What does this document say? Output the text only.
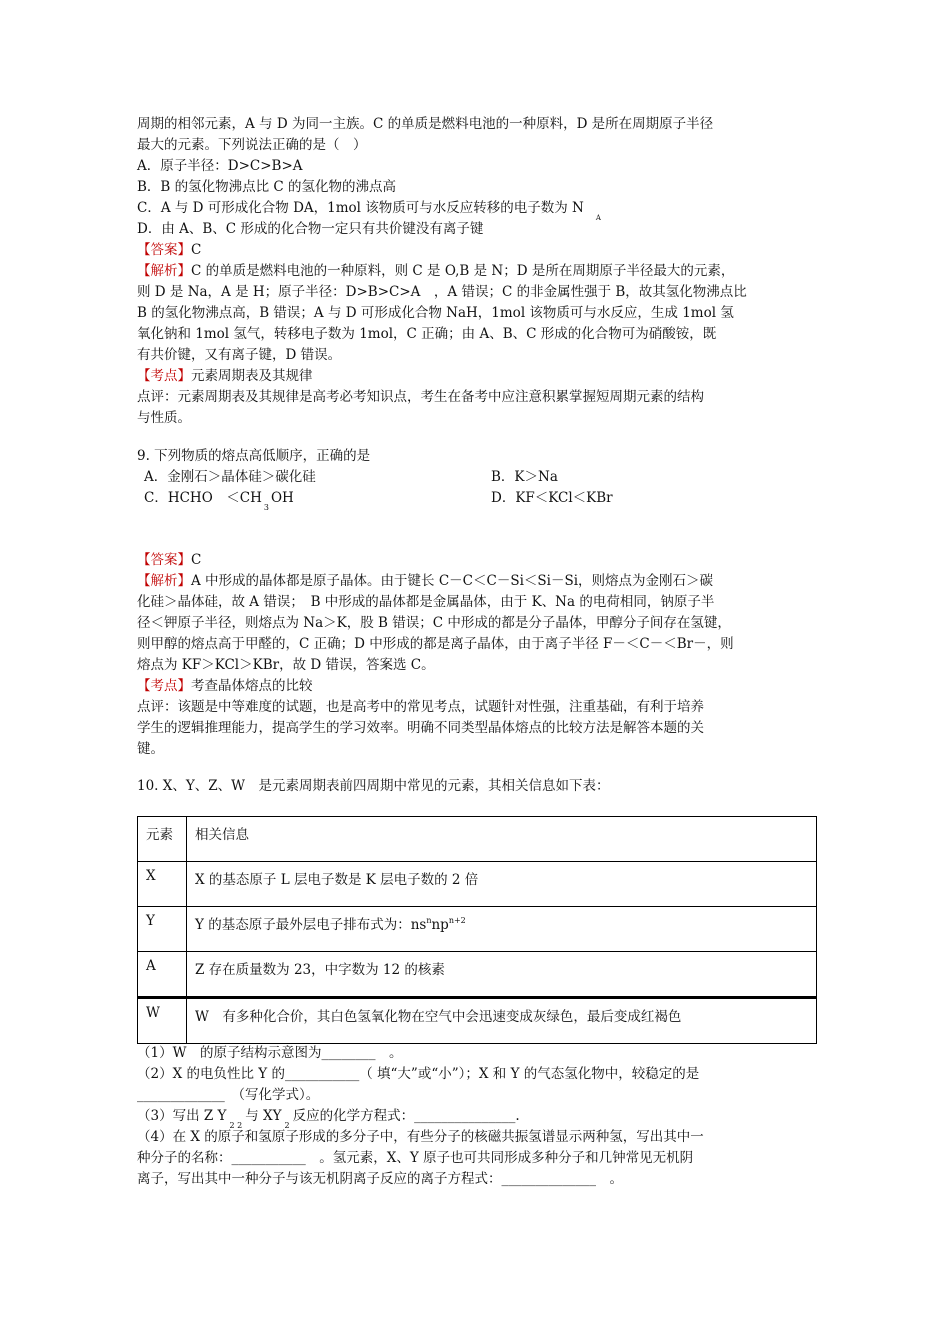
周期的相邻元素，A 与 D 为同一主族。C 的单质是燃料电池的一种原料，D 是所在周期原子半径
最大的元素。下列说法正确的是（　）
A．原子半径：D>C>B>A
B．B 的氢化物沸点比 C 的氢化物的沸点高
C．A 与 D 可形成化合物 DA，1mol 该物质可与水反应转移的电子数为 $N_A$
D．由 A、B、C 形成的化合物一定只有共价键没有离子键
【答案】C
【解析】C 的单质是燃料电池的一种原料，则 C 是 O,B 是 N；D 是所在周期原子半径最大的元素，
则 D 是 Na，A 是 H；原子半径：D>B>C>A　，A 错误；C 的非金属性强于 B，故其氢化物沸点比
B 的氢化物沸点高，B 错误；A 与 D 可形成化合物 NaH，1mol 该物质可与水反应，生成 1mol 氢
氧化钠和 1mol 氢气，转移电子数为 1mol，C 正确；由 A、B、C 形成的化合物可为硝酸铵，既
有共价键，又有离子键，D 错误。
【考点】元素周期表及其规律
点评：元素周期表及其规律是高考必考知识点，考生在备考中应注意积累掌握短周期元素的结构
与性质。
9. 下列物质的熔点高低顺序，正确的是
A．金刚石＞晶体硅＞碳化硅	B．K＞Na
C．HCHO　$<CH_3OH$	D．KF＜KCl＜KBr
【答案】C
【解析】A 中形成的晶体都是原子晶体。由于键长 C－C＜C－Si＜Si－Si，则熔点为金刚石＞碳
化硅＞晶体硅，故 A 错误；　B 中形成的晶体都是金属晶体，由于 K、Na 的电荷相同，钠原子半
径＜钾原子半径，则熔点为 Na＞K，股 B 错误；C 中形成的都是分子晶体，甲醇分子间存在氢键，
则甲醇的熔点高于甲醛的，C 正确；D 中形成的都是离子晶体，由于离子半径 F－＜C－＜Br－，则
熔点为 KF＞KCl＞KBr，故 D 错误，答案选 C。
【考点】考查晶体熔点的比较
点评：该题是中等难度的试题，也是高考中的常见考点，试题针对性强，注重基础，有利于培养
学生的逻辑推理能力，提高学生的学习效率。明确不同类型晶体熔点的比较方法是解答本题的关
键。
10. X、Y、Z、W　是元素周期表前四周期中常见的元素，其相关信息如下表：
元素	相关信息
X	X 的基态原子 L 层电子数是 K 层电子数的 2 倍
Y	Y 的基态原子最外层电子排布式为：$ns^nnp^{n+2}$
A	Z 存在质量数为 23，中字数为 12 的核素
W	W　有多种化合价，其白色氢氧化物在空气中会迅速变成灰绿色，最后变成红褐色
（1）W　的原子结构示意图为________　。
（2）X 的电负性比 Y 的___________（ 填“大”或“小”）；X 和 Y 的气态氢化物中，较稳定的是
_____________　（写化学式）。
（3）写出 Z $Y_{2 2}$与 $XY_2$反应的化学方程式：_______________.
（4）在 X 的原子和氢原子形成的多分子中，有些分子的核磁共振氢谱显示两种氢，写出其中一
种分子的名称：___________　。氢元素，X、Y 原子也可共同形成多种分子和几钟常见无机阴
离子，写出其中一种分子与该无机阴离子反应的离子方程式：______________　。
